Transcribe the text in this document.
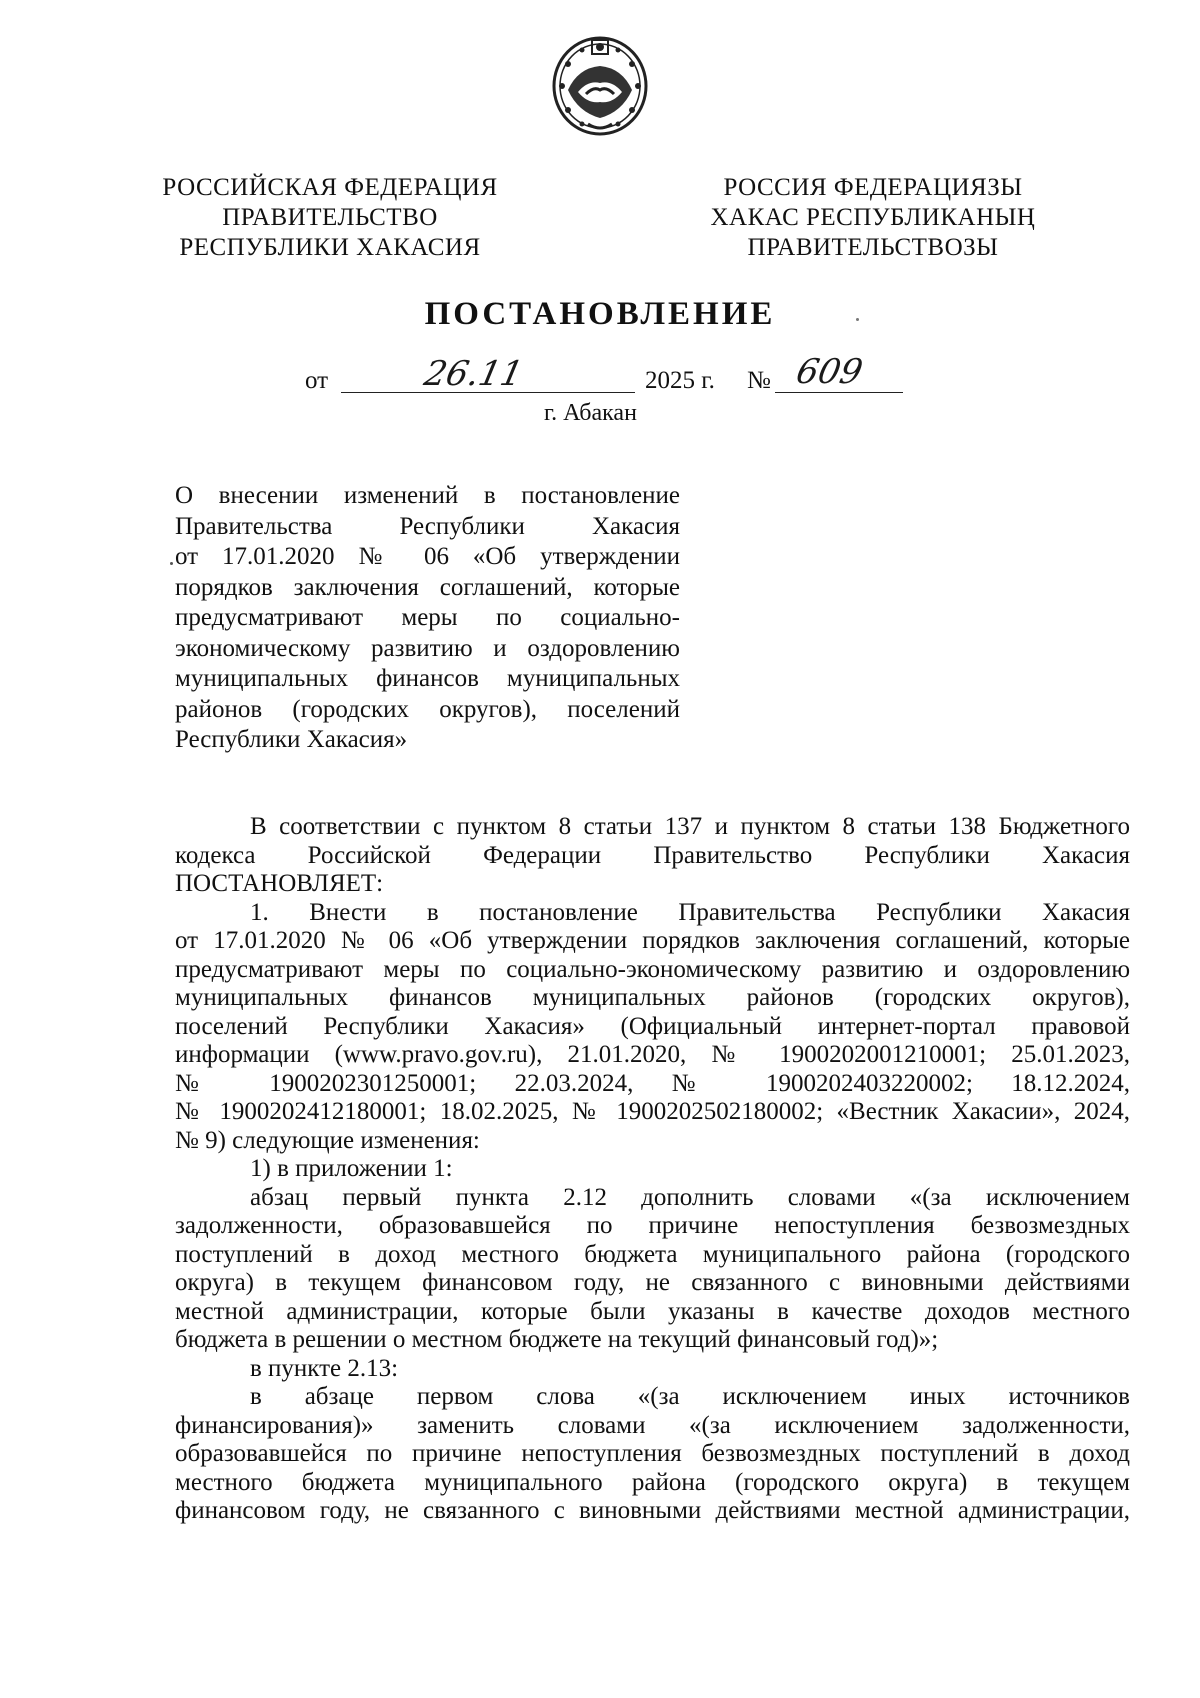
РОССИЙСКАЯ ФЕДЕРАЦИЯ
ПРАВИТЕЛЬСТВО
РЕСПУБЛИКИ ХАКАСИЯ
РОССИЯ ФЕДЕРАЦИЯЗЫ
ХАКАС РЕСПУБЛИКАНЫҢ
ПРАВИТЕЛЬСТВОЗЫ
ПОСТАНОВЛЕНИЕ
от	26.11	2025 г. № 609
г. Абакан
О внесении изменений в постановление
Правительства Республики Хакасия
от 17.01.2020 № 06 «Об утверждении
порядков заключения соглашений, которые
предусматривают меры по социально-
экономическому развитию и оздоровлению
муниципальных финансов муниципальных
районов (городских округов), поселений
Республики Хакасия»
В соответствии с пунктом 8 статьи 137 и пунктом 8 статьи 138 Бюджетного
кодекса Российской Федерации Правительство Республики Хакасия
ПОСТАНОВЛЯЕТ:
1. Внести в постановление Правительства Республики Хакасия
от 17.01.2020 № 06 «Об утверждении порядков заключения соглашений, которые
предусматривают меры по социально-экономическому развитию и оздоровлению
муниципальных финансов муниципальных районов (городских округов),
поселений Республики Хакасия» (Официальный интернет-портал правовой
информации (www.pravo.gov.ru), 21.01.2020, № 1900202001210001; 25.01.2023,
№ 1900202301250001; 22.03.2024, № 1900202403220002; 18.12.2024,
№ 1900202412180001; 18.02.2025, № 1900202502180002; «Вестник Хакасии», 2024,
№ 9) следующие изменения:
1) в приложении 1:
абзац первый пункта 2.12 дополнить словами «(за исключением
задолженности, образовавшейся по причине непоступления безвозмездных
поступлений в доход местного бюджета муниципального района (городского
округа) в текущем финансовом году, не связанного с виновными действиями
местной администрации, которые были указаны в качестве доходов местного
бюджета в решении о местном бюджете на текущий финансовый год)»;
в пункте 2.13:
в абзаце первом слова «(за исключением иных источников
финансирования)» заменить словами «(за исключением задолженности,
образовавшейся по причине непоступления безвозмездных поступлений в доход
местного бюджета муниципального района (городского округа) в текущем
финансовом году, не связанного с виновными действиями местной администрации,
